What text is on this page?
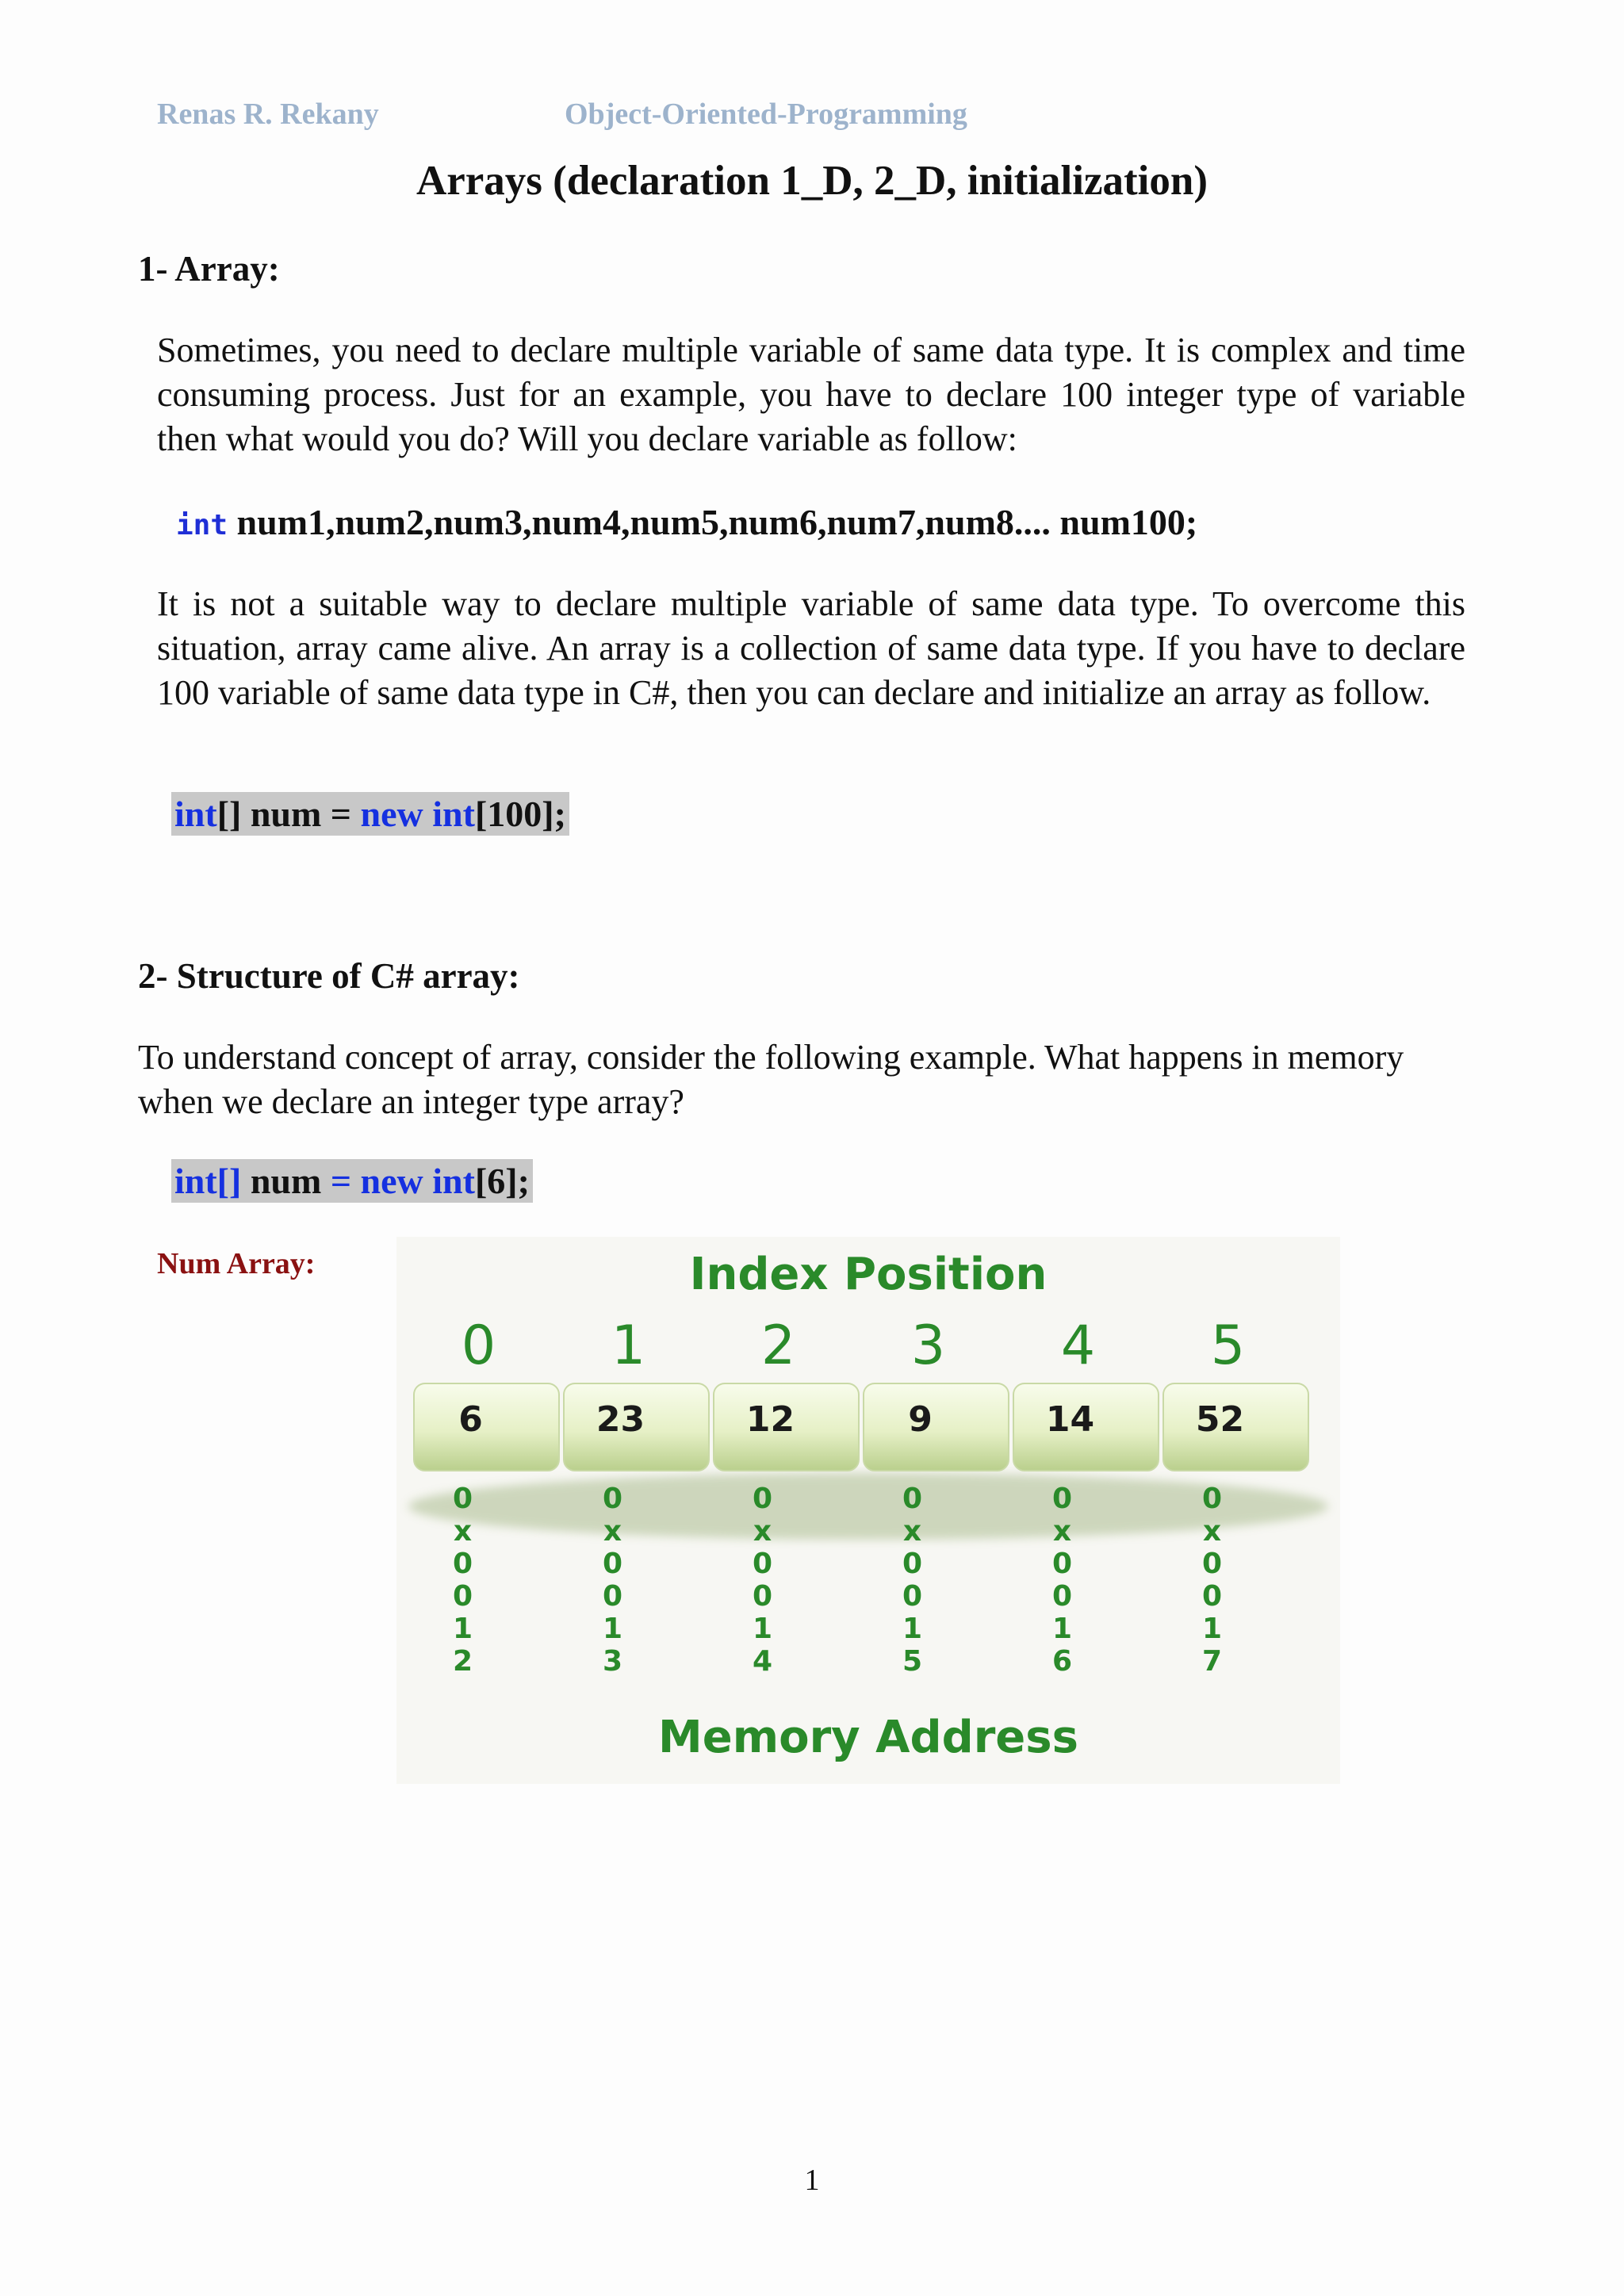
Renas R. Rekany	Object-Oriented-Programming
Arrays (declaration 1_D, 2_D, initialization)
1- Array:
Sometimes, you need to declare multiple variable of same data type. It is complex and time consuming process. Just for an example, you have to declare 100 integer type of variable then what would you do? Will you declare variable as follow:
int num1,num2,num3,num4,num5,num6,num7,num8.... num100;
It is not a suitable way to declare multiple variable of same data type. To overcome this situation, array came alive. An array is a collection of same data type. If you have to declare 100 variable of same data type in C#, then you can declare and initialize an array as follow.
int[] num = new int[100];
2- Structure of C# array:
To understand concept of array, consider the following example. What happens in memory when we declare an integer type array?
int[] num = new int[6];
Num Array:	Index Position
Memory Address
0
6
0
x
0
0
1
2
1
23
0
x
0
0
1
3
2
12
0
x
0
0
1
4
3
9
0
x
0
0
1
5
4
14
0
x
0
0
1
6
5
52
0
x
0
0
1
7
1
